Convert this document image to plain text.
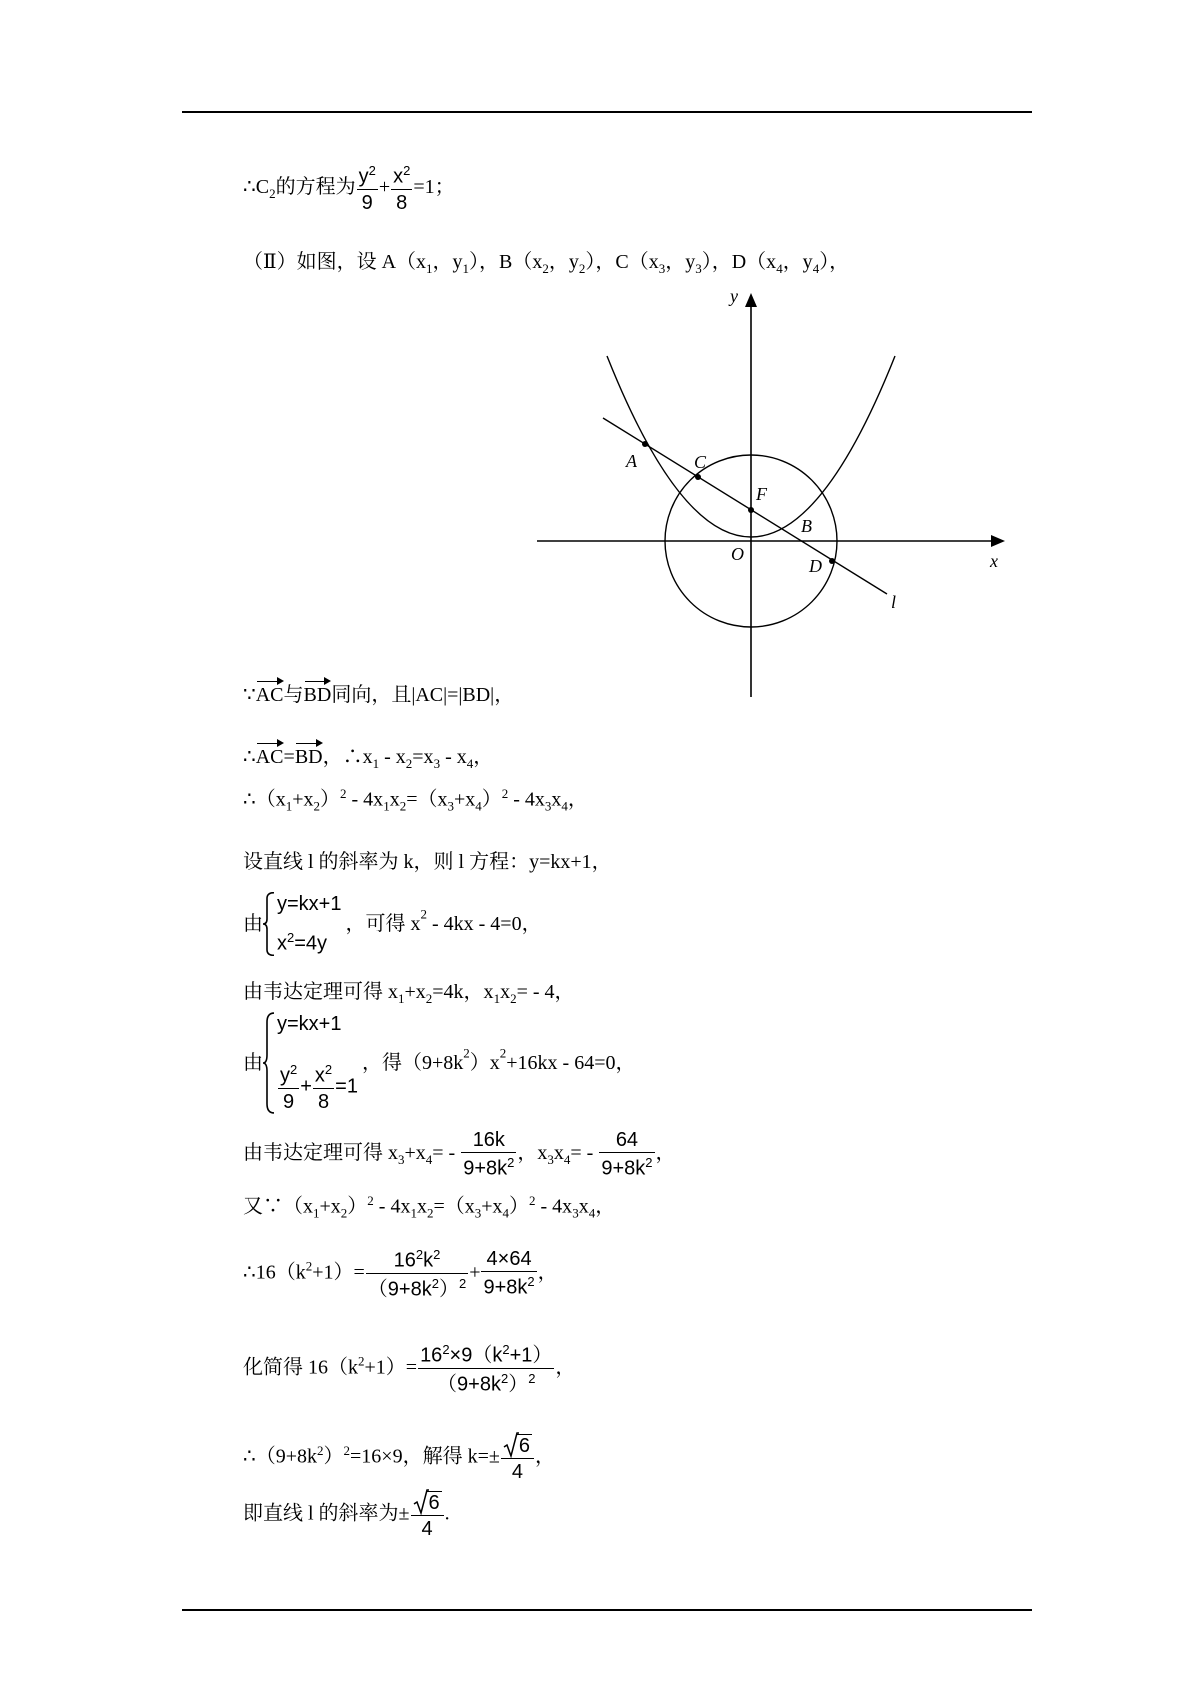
$\therefore C_2$的方程为 $\frac{y^2}{9} + \frac{x^2}{8} =1$；
（Ⅱ）如图，设 $A(x_1$，$y_1$），$B(x_2$，$y_2$），$C(x_3$，$y_3$），$D(x_4$，$y_4$），
y
x
A	C
F
B
O
D
l
∵AC与BD同向，且|AC|=|BD|，
∴AC=BD，$\therefore x_1 - x_2=x_3 - x_4$，
$\therefore(x_1+x_2)^2 - 4x_1x_2=(x_3+x_4)^2 - 4x_3x_4$，
设直线 l 的斜率为 k，则 l 方程：y=kx+1，
由
y=kx+1
$x^2=4y$
，可得 $x^2 - 4kx - 4=0$，
由韦达定理可得 $x_1+x_2=4k$，$x_1x_2= - 4$，
由
y=kx+1
$\frac{y^2}{9} + \frac{x^2}{8} =1$
，得$(9+8k^2)x^2+16kx - 64=0$，
由韦达定理可得 $x_3+x_4= - \frac{16k}{9+8k^2}$ ，$x_3x_4= - \frac{64}{9+8k^2}$ ，
又$\because(x_1+x_2)^2 - 4x_1x_2=(x_3+x_4)^2 - 4x_3x_4$，
$\therefore 16(k^2+1)= \frac{16^2k^2}{(9+8k^2)^2} + \frac{4\times 64}{9+8k^2}$ ，
化简得 $16(k^2+1)= \frac{16^2\times 9(k^2+1)}{(9+8k^2)^2}$ ，
$\therefore(9+8k^2)^2=16\times 9$，解得 $k=\pm \frac{6}{4}$ ，
即直线 l 的斜率为± $\frac{6}{4}$ .
